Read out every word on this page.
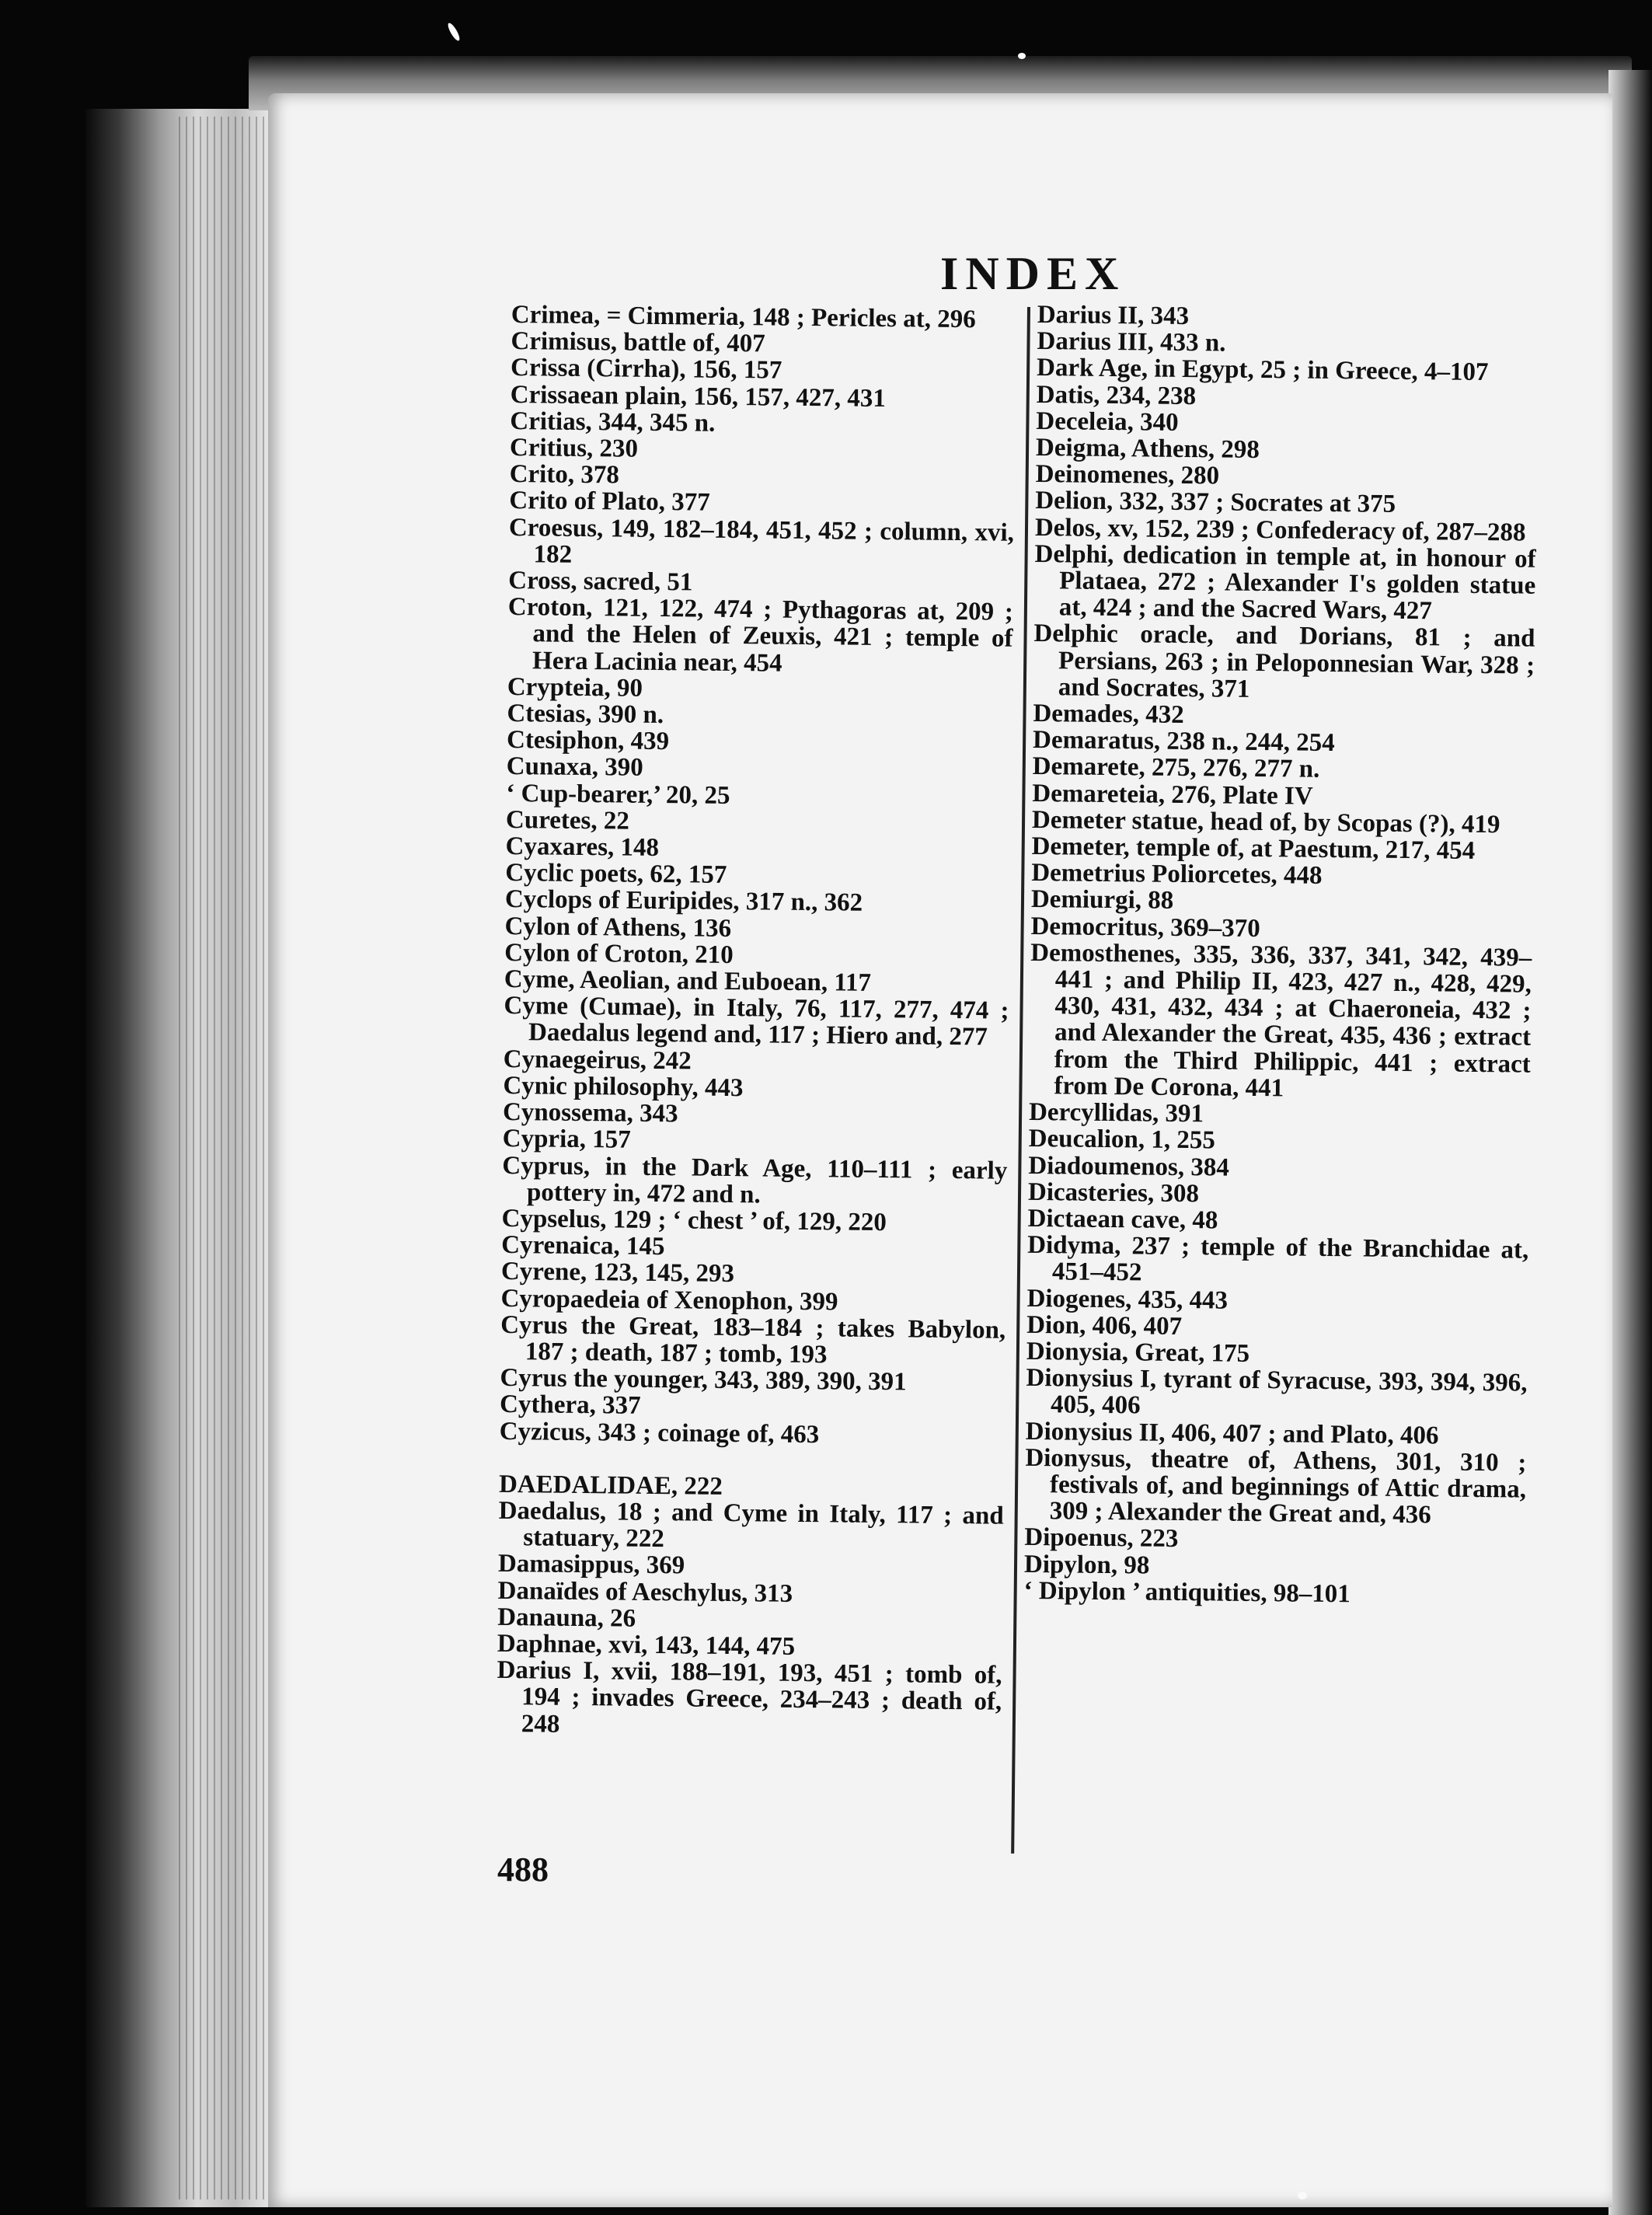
INDEX
Crimea, = Cimmeria, 148 ; Pericles at, 296
Crimisus, battle of, 407
Crissa (Cirrha), 156, 157
Crissaean plain, 156, 157, 427, 431
Critias, 344, 345 n.
Critius, 230
Crito, 378
Crito of Plato, 377
Croesus, 149, 182–184, 451, 452 ; column, xvi, 182
Cross, sacred, 51
Croton, 121, 122, 474 ; Pythagoras at, 209 ; and the Helen of Zeuxis, 421 ; temple of Hera Lacinia near, 454
Crypteia, 90
Ctesias, 390 n.
Ctesiphon, 439
Cunaxa, 390
‘ Cup-bearer,’ 20, 25
Curetes, 22
Cyaxares, 148
Cyclic poets, 62, 157
Cyclops of Euripides, 317 n., 362
Cylon of Athens, 136
Cylon of Croton, 210
Cyme, Aeolian, and Euboean, 117
Cyme (Cumae), in Italy, 76, 117, 277, 474 ; Daedalus legend and, 117 ; Hiero and, 277
Cynaegeirus, 242
Cynic philosophy, 443
Cynossema, 343
Cypria, 157
Cyprus, in the Dark Age, 110–111 ; early pottery in, 472 and n.
Cypselus, 129 ; ‘ chest ’ of, 129, 220
Cyrenaica, 145
Cyrene, 123, 145, 293
Cyropaedeia of Xenophon, 399
Cyrus the Great, 183–184 ; takes Babylon, 187 ; death, 187 ; tomb, 193
Cyrus the younger, 343, 389, 390, 391
Cythera, 337
Cyzicus, 343 ; coinage of, 463
DAEDALIDAE, 222
Daedalus, 18 ; and Cyme in Italy, 117 ; and statuary, 222
Damasippus, 369
Danaïdes of Aeschylus, 313
Danauna, 26
Daphnae, xvi, 143, 144, 475
Darius I, xvii, 188–191, 193, 451 ; tomb of, 194 ; invades Greece, 234–243 ; death of, 248
Darius II, 343
Darius III, 433 n.
Dark Age, in Egypt, 25 ; in Greece, 4–107
Datis, 234, 238
Deceleia, 340
Deigma, Athens, 298
Deinomenes, 280
Delion, 332, 337 ; Socrates at 375
Delos, xv, 152, 239 ; Confederacy of, 287–288
Delphi, dedication in temple at, in honour of Plataea, 272 ; Alexander I's golden statue at, 424 ; and the Sacred Wars, 427
Delphic oracle, and Dorians, 81 ; and Persians, 263 ; in Peloponnesian War, 328 ; and Socrates, 371
Demades, 432
Demaratus, 238 n., 244, 254
Demarete, 275, 276, 277 n.
Demareteia, 276, Plate IV
Demeter statue, head of, by Scopas (?), 419
Demeter, temple of, at Paestum, 217, 454
Demetrius Poliorcetes, 448
Demiurgi, 88
Democritus, 369–370
Demosthenes, 335, 336, 337, 341, 342, 439–441 ; and Philip II, 423, 427 n., 428, 429, 430, 431, 432, 434 ; at Chaeroneia, 432 ; and Alexander the Great, 435, 436 ; extract from the Third Philippic, 441 ; extract from De Corona, 441
Dercyllidas, 391
Deucalion, 1, 255
Diadoumenos, 384
Dicasteries, 308
Dictaean cave, 48
Didyma, 237 ; temple of the Branchidae at, 451–452
Diogenes, 435, 443
Dion, 406, 407
Dionysia, Great, 175
Dionysius I, tyrant of Syracuse, 393, 394, 396, 405, 406
Dionysius II, 406, 407 ; and Plato, 406
Dionysus, theatre of, Athens, 301, 310 ; festivals of, and beginnings of Attic drama, 309 ; Alexander the Great and, 436
Dipoenus, 223
Dipylon, 98
‘ Dipylon ’ antiquities, 98–101
488
